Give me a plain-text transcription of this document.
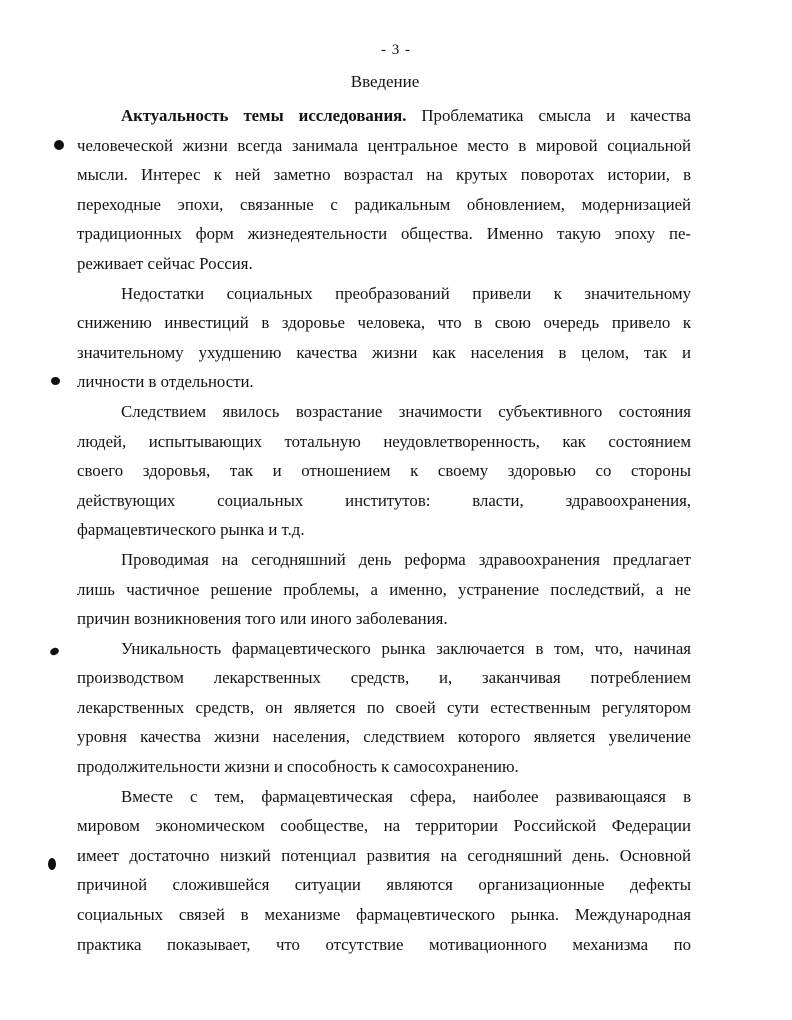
- 3 -
Введение
Актуальность темы исследования. Проблематика смысла и качества
человеческой жизни всегда занимала центральное место в мировой социальной
мысли. Интерес к ней заметно возрастал на крутых поворотах истории, в
переходные эпохи, связанные с радикальным обновлением, модернизацией
традиционных форм жизнедеятельности общества. Именно такую эпоху пе-
реживает сейчас Россия.
Недостатки социальных преобразований привели к значительному
снижению инвестиций в здоровье человека, что в свою очередь привело к
значительному ухудшению качества жизни как населения в целом, так и
личности в отдельности.
Следствием явилось возрастание значимости субъективного состояния
людей, испытывающих тотальную неудовлетворенность, как состоянием
своего здоровья, так и отношением к своему здоровью со стороны
действующих социальных институтов: власти, здравоохранения,
фармацевтического рынка и т.д.
Проводимая на сегодняшний день реформа здравоохранения предлагает
лишь частичное решение проблемы, а именно, устранение последствий, а не
причин возникновения того или иного заболевания.
Уникальность фармацевтического рынка заключается в том, что, начиная
производством лекарственных средств, и, заканчивая потреблением
лекарственных средств, он является по своей сути естественным регулятором
уровня качества жизни населения, следствием которого является увеличение
продолжительности жизни и способность к самосохранению.
Вместе с тем, фармацевтическая сфера, наиболее развивающаяся в
мировом экономическом сообществе, на территории Российской Федерации
имеет достаточно низкий потенциал развития на сегодняшний день. Основной
причиной сложившейся ситуации являются организационные дефекты
социальных связей в механизме фармацевтического рынка. Международная
практика показывает, что отсутствие мотивационного механизма по
